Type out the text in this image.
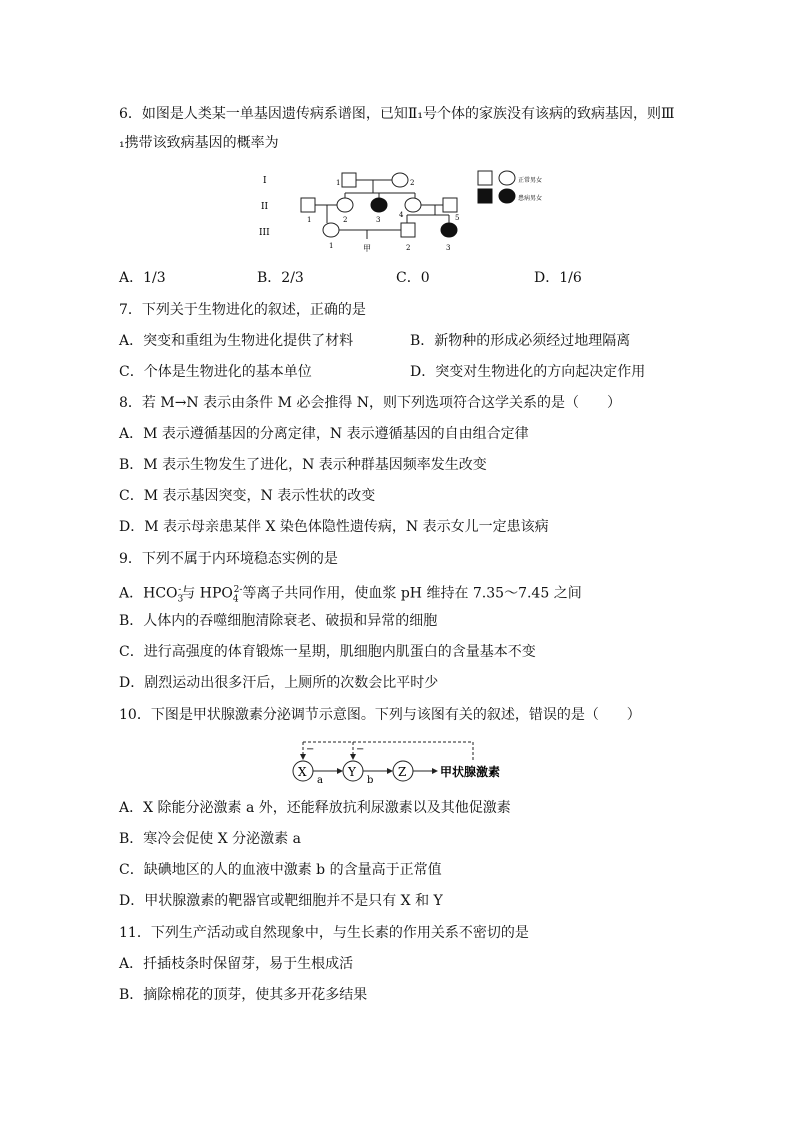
6．如图是人类某一单基因遗传病系谱图，已知Ⅱ₁号个体的家族没有该病的致病基因，则Ⅲ
₁携带该致病基因的概率为
I
II
III
1	2
1	2	3
4	5
1	甲	2	3
正常男女
患病男女
A．1/3	B．2/3	C．0	D．1/6
7．下列关于生物进化的叙述，正确的是
A．突变和重组为生物进化提供了材料	B．新物种的形成必须经过地理隔离
C．个体是生物进化的基本单位	D．突变对生物进化的方向起决定作用
8．若 M→N 表示由条件 M 必会推得 N，则下列选项符合这学关系的是（　　）
A．M 表示遵循基因的分离定律，N 表示遵循基因的自由组合定律
B．M 表示生物发生了进化，N 表示种群基因频率发生改变
C．M 表示基因突变，N 表示性状的改变
D．M 表示母亲患某伴 X 染色体隐性遗传病，N 表示女儿一定患该病
9．下列不属于内环境稳态实例的是
A．$HCO_3^-$与 $HPO_4^{2-}$等离子共同作用，使血浆 pH 维持在 7.35～7.45 之间
B．人体内的吞噬细胞清除衰老、破损和异常的细胞
C．进行高强度的体育锻炼一星期，肌细胞内肌蛋白的含量基本不变
D．剧烈运动出很多汗后，上厕所的次数会比平时少
10．下图是甲状腺激素分泌调节示意图。下列与该图有关的叙述，错误的是（　　）
−	−
X	Y	Z
a	b
甲状腺激素
A．X 除能分泌激素 a 外，还能释放抗利尿激素以及其他促激素
B．寒冷会促使 X 分泌激素 a
C．缺碘地区的人的血液中激素 b 的含量高于正常值
D．甲状腺激素的靶器官或靶细胞并不是只有 X 和 Y
11．下列生产活动或自然现象中，与生长素的作用关系不密切的是
A．扦插枝条时保留芽，易于生根成活
B．摘除棉花的顶芽，使其多开花多结果
